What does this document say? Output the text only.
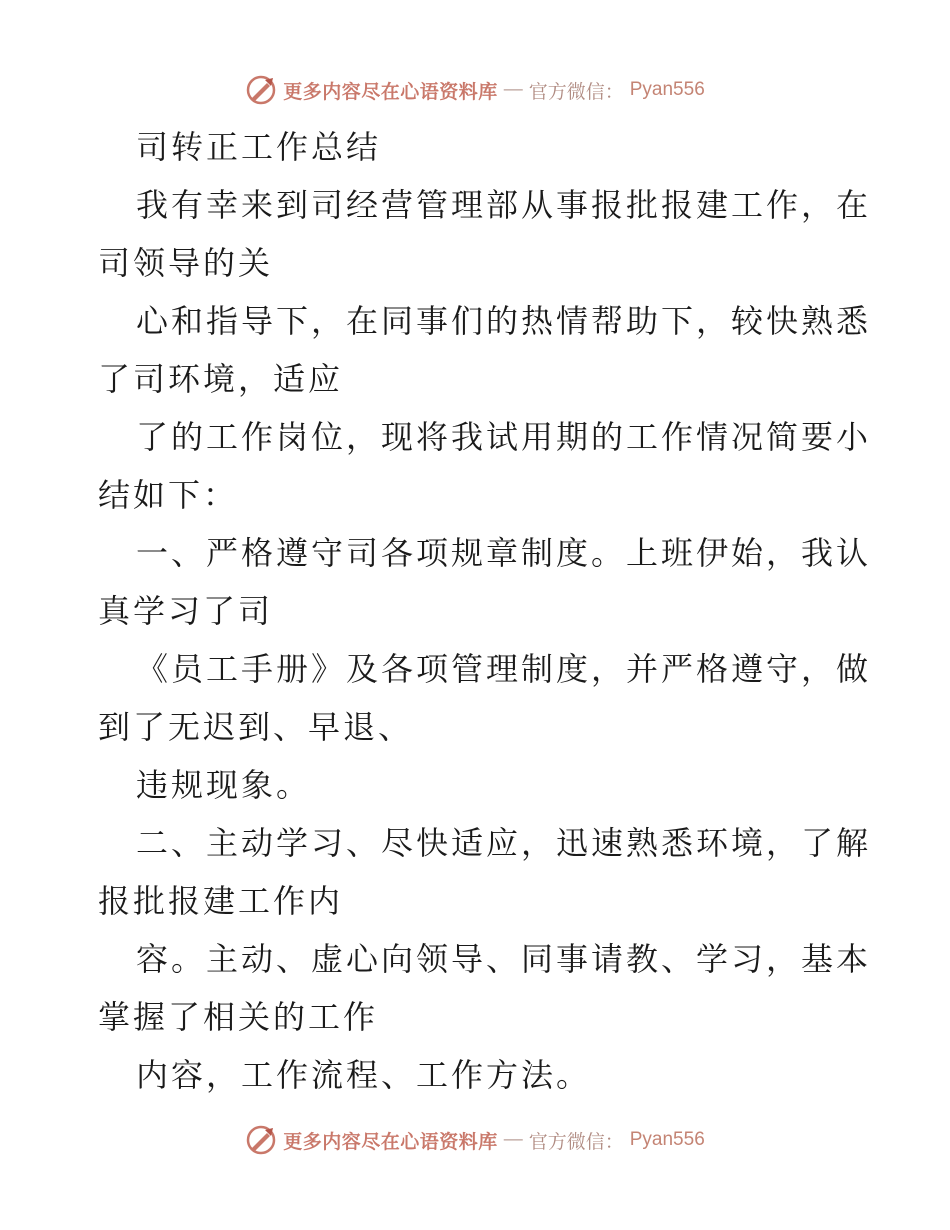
更多内容尽在心语资料库 — 官方微信： Pyan556
司转正工作总结
我有幸来到司经营管理部从事报批报建工作，在
司领导的关
心和指导下，在同事们的热情帮助下，较快熟悉
了司环境，适应
了的工作岗位，现将我试用期的工作情况简要小
结如下：
一、严格遵守司各项规章制度。上班伊始，我认
真学习了司
《员工手册》及各项管理制度，并严格遵守，做
到了无迟到、早退、
违规现象。
二、主动学习、尽快适应，迅速熟悉环境，了解
报批报建工作内
容。主动、虚心向领导、同事请教、学习，基本
掌握了相关的工作
内容，工作流程、工作方法。
更多内容尽在心语资料库 — 官方微信： Pyan556
